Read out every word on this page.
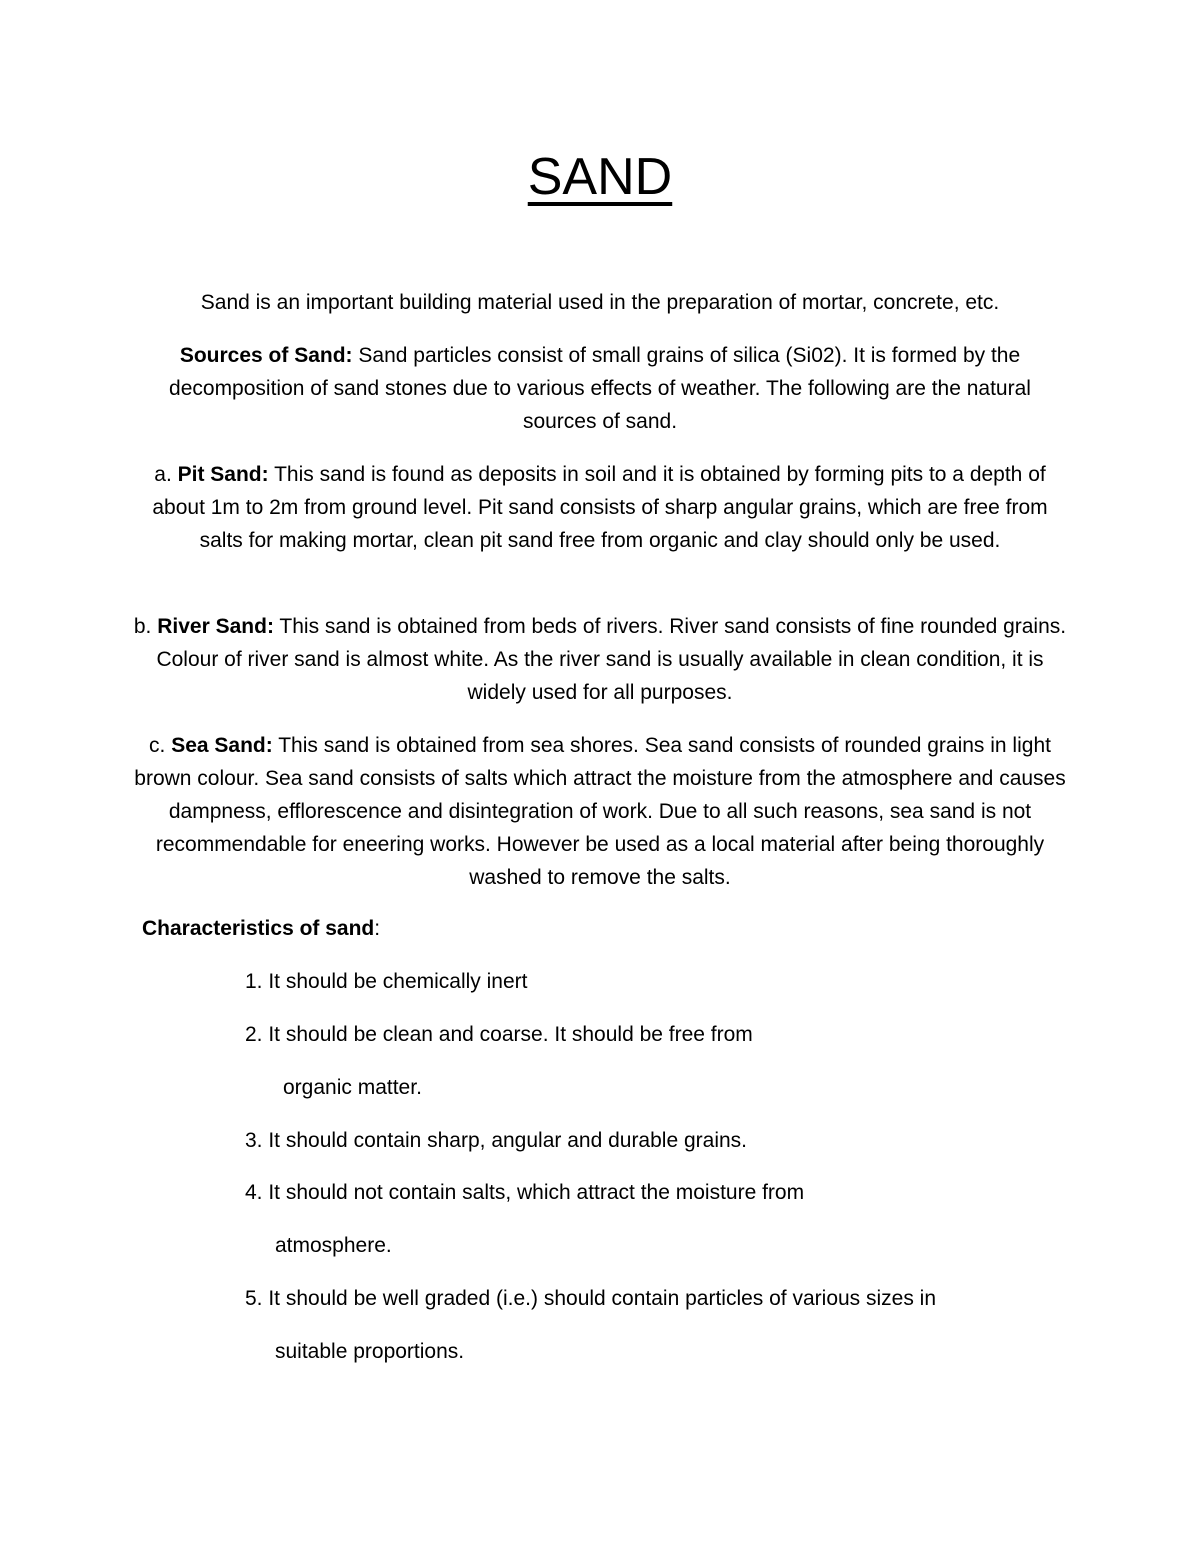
SAND

Sand is an important building material used in the preparation of mortar, concrete, etc.

Sources of Sand: Sand particles consist of small grains of silica (Si02). It is formed by the decomposition of sand stones due to various effects of weather. The following are the natural sources of sand.

a. Pit Sand: This sand is found as deposits in soil and it is obtained by forming pits to a depth of about 1m to 2m from ground level. Pit sand consists of sharp angular grains, which are free from salts for making mortar, clean pit sand free from organic and clay should only be used.

b. River Sand: This sand is obtained from beds of rivers. River sand consists of fine rounded grains. Colour of river sand is almost white. As the river sand is usually available in clean condition, it is widely used for all purposes.

c. Sea Sand: This sand is obtained from sea shores. Sea sand consists of rounded grains in light brown colour. Sea sand consists of salts which attract the moisture from the atmosphere and causes dampness, efflorescence and disintegration of work. Due to all such reasons, sea sand is not recommendable for eneering works. However be used as a local material after being thoroughly washed to remove the salts.

Characteristics of sand:

1. It should be chemically inert

2. It should be clean and coarse. It should be free from

organic matter.

3. It should contain sharp, angular and durable grains.

4. It should not contain salts, which attract the moisture from

atmosphere.

5. It should be well graded (i.e.) should contain particles of various sizes in

suitable proportions.
